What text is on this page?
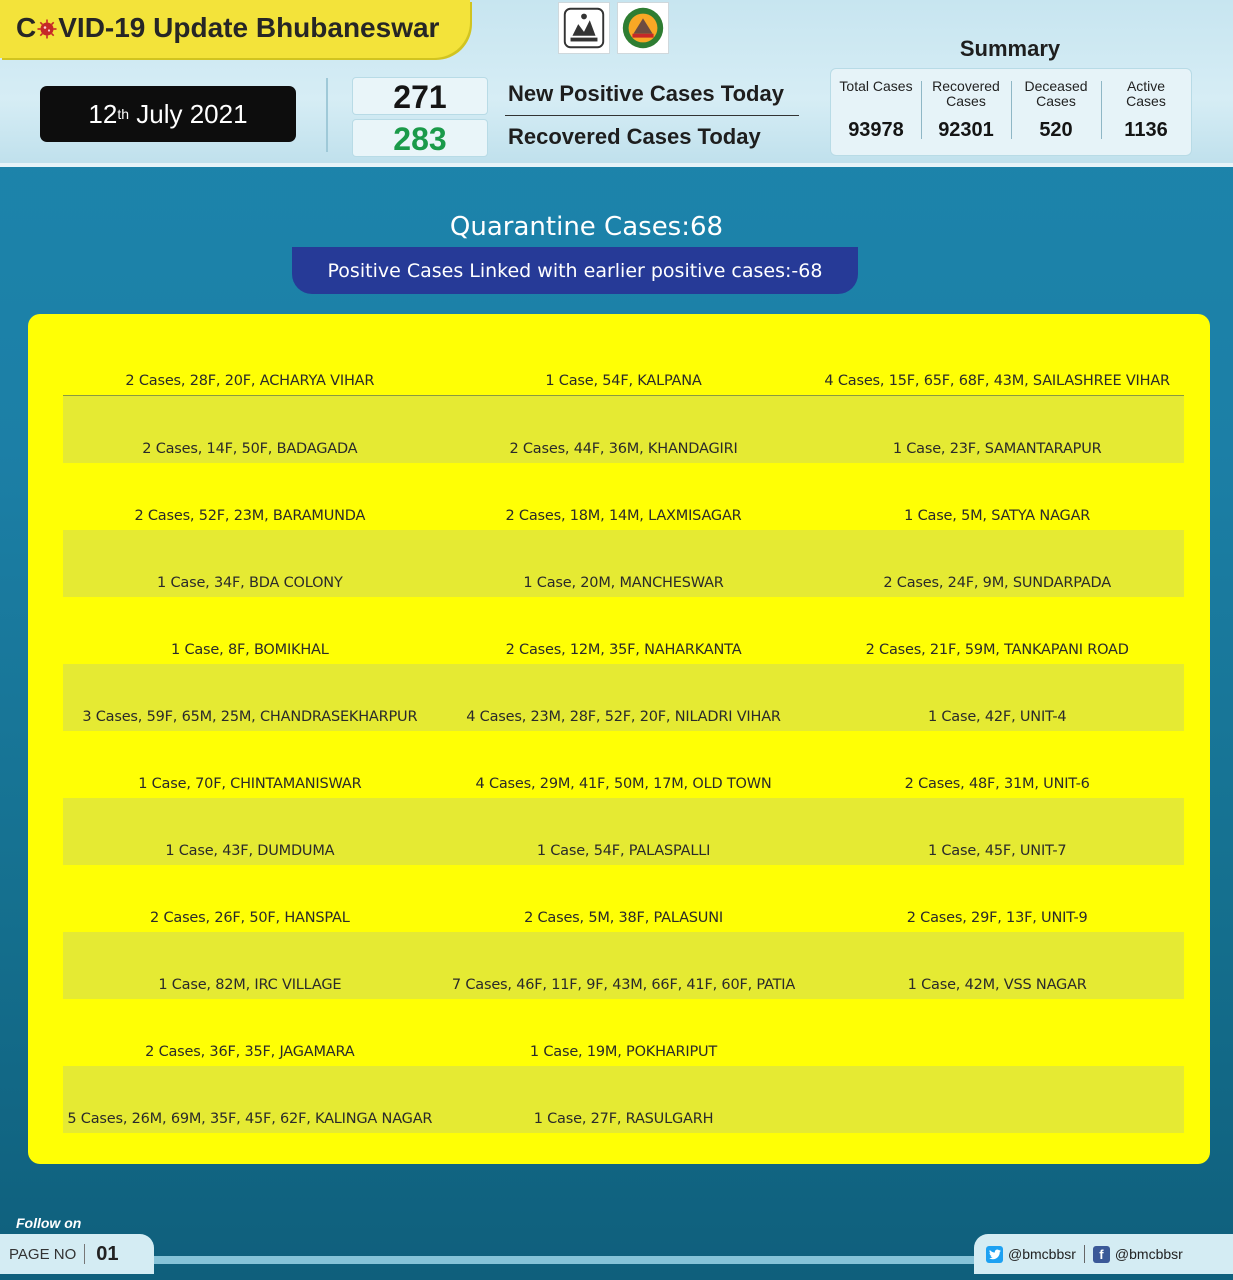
C VID-19 Update Bhubaneswar
12 th
July 2021	271
283
New Positive Cases Today
Recovered Cases Today
Summary
Total Cases
93978
Recovered Cases
92301
Deceased Cases
520
Active Cases
1136
Quarantine Cases:68
Positive Cases Linked with earlier positive cases:-68
2 Cases, 28F, 20F, ACHARYA VIHAR	1 Case, 54F, KALPANA	4 Cases, 15F, 65F, 68F, 43M, SAILASHREE VIHAR
2 Cases, 14F, 50F, BADAGADA	2 Cases, 44F, 36M, KHANDAGIRI	1 Case, 23F, SAMANTARAPUR
2 Cases, 52F, 23M, BARAMUNDA	2 Cases, 18M, 14M, LAXMISAGAR	1 Case, 5M, SATYA NAGAR
1 Case, 34F, BDA COLONY	1 Case, 20M, MANCHESWAR	2 Cases, 24F, 9M, SUNDARPADA
1 Case, 8F, BOMIKHAL	2 Cases, 12M, 35F, NAHARKANTA	2 Cases, 21F, 59M, TANKAPANI ROAD
3 Cases, 59F, 65M, 25M, CHANDRASEKHARPUR	4 Cases, 23M, 28F, 52F, 20F, NILADRI VIHAR	1 Case, 42F, UNIT-4
1 Case, 70F, CHINTAMANISWAR	4 Cases, 29M, 41F, 50M, 17M, OLD TOWN	2 Cases, 48F, 31M, UNIT-6
1 Case, 43F, DUMDUMA	1 Case, 54F, PALASPALLI	1 Case, 45F, UNIT-7
2 Cases, 26F, 50F, HANSPAL	2 Cases, 5M, 38F, PALASUNI	2 Cases, 29F, 13F, UNIT-9
1 Case, 82M, IRC VILLAGE	7 Cases, 46F, 11F, 9F, 43M, 66F, 41F, 60F, PATIA	1 Case, 42M, VSS NAGAR
2 Cases, 36F, 35F, JAGAMARA	1 Case, 19M, POKHARIPUT
5 Cases, 26M, 69M, 35F, 45F, 62F, KALINGA NAGAR	1 Case, 27F, RASULGARH
Follow on
PAGE NO 01	@bmcbbsr	f @bmcbbsr
